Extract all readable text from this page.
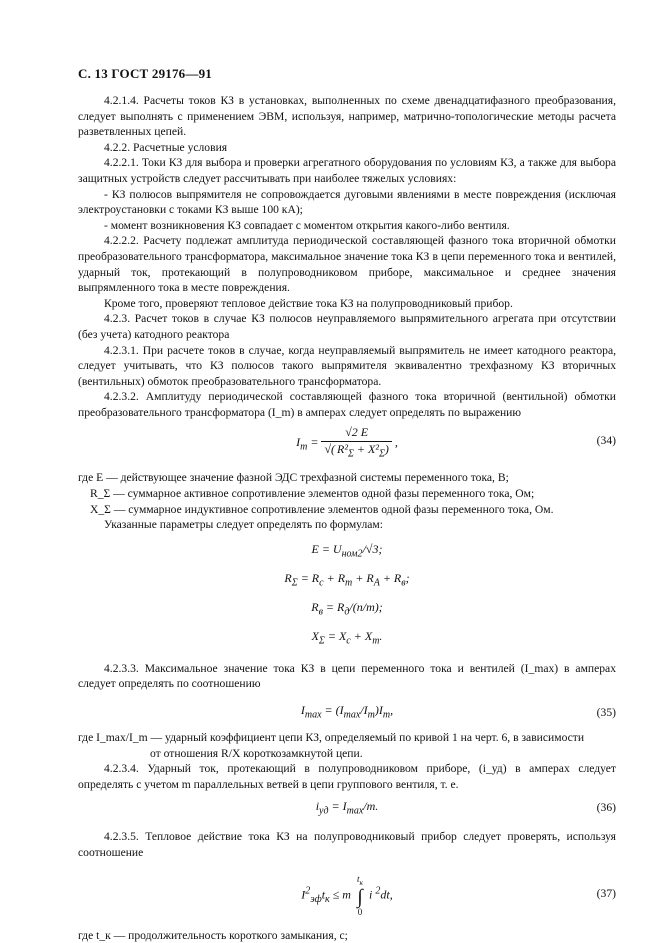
С. 13 ГОСТ 29176—91

4.2.1.4. Расчеты токов КЗ в установках, выполненных по схеме двенадцатифазного преобразования, следует выполнять с применением ЭВМ, используя, например, матрично-топологические методы расчета разветвленных цепей.

4.2.2. Расчетные условия

4.2.2.1. Токи КЗ для выбора и проверки агрегатного оборудования по условиям КЗ, а также для выбора защитных устройств следует рассчитывать при наиболее тяжелых условиях:

- КЗ полюсов выпрямителя не сопровождается дуговыми явлениями в месте повреждения (исключая электроустановки с токами КЗ выше 100 кА);

- момент возникновения КЗ совпадает с моментом открытия какого-либо вентиля.

4.2.2.2. Расчету подлежат амплитуда периодической составляющей фазного тока вторичной обмотки преобразовательного трансформатора, максимальное значение тока КЗ в цепи переменного тока и вентилей, ударный ток, протекающий в полупроводниковом приборе, максимальное и среднее значения выпрямленного тока в месте повреждения.

Кроме того, проверяют тепловое действие тока КЗ на полупроводниковый прибор.

4.2.3. Расчет токов в случае КЗ полюсов неуправляемого выпрямительного агрегата при отсутствии (без учета) катодного реактора

4.2.3.1. При расчете токов в случае, когда неуправляемый выпрямитель не имеет катодного реактора, следует учитывать, что КЗ полюсов такого выпрямителя эквивалентно трехфазному КЗ вторичных (вентильных) обмоток преобразовательного трансформатора.

4.2.3.2. Амплитуду периодической составляющей фазного тока вторичной (вентильной) обмотки преобразовательного трансформатора (I_m) в амперах следует определять по выражению

$I_m = \frac{√2 E}{√( R^2_\Sigma + X^2_\Sigma)}$ ,	(34)

где E — действующее значение фазной ЭДС трехфазной системы переменного тока, В;

R_Σ — суммарное активное сопротивление элементов одной фазы переменного тока, Ом;

X_Σ — суммарное индуктивное сопротивление элементов одной фазы переменного тока, Ом.

Указанные параметры следует определять по формулам:

$E = U_{ном2}/√3$;
$R_\Sigma = R_c + R_т + R_A + R_в$;
$R_в = R_д/(n/m)$;
$X_\Sigma = X_c + X_т$.

4.2.3.3. Максимальное значение тока КЗ в цепи переменного тока и вентилей (I_max) в амперах следует определять по соотношению

$I_{max} = (I_{max}/I_m)I_m$,	(35)

где I_max/I_m — ударный коэффициент цепи КЗ, определяемый по кривой 1 на черт. 6, в зависимости

от отношения R/X короткозамкнутой цепи.

4.2.3.4. Ударный ток, протекающий в полупроводниковом приборе, (i_уд) в амперах следует определять с учетом m параллельных ветвей в цепи группового вентиля, т. е.

$i_{уд} = I_{max}/m$.	(36)

4.2.3.5. Тепловое действие тока КЗ на полупроводниковый прибор следует проверять, используя соотношение

$I^2_{эф}t_к \le m$
$t_к$
∫
0
i $^2$dt,	(37)

где t_к — продолжительность короткого замыкания, с;
